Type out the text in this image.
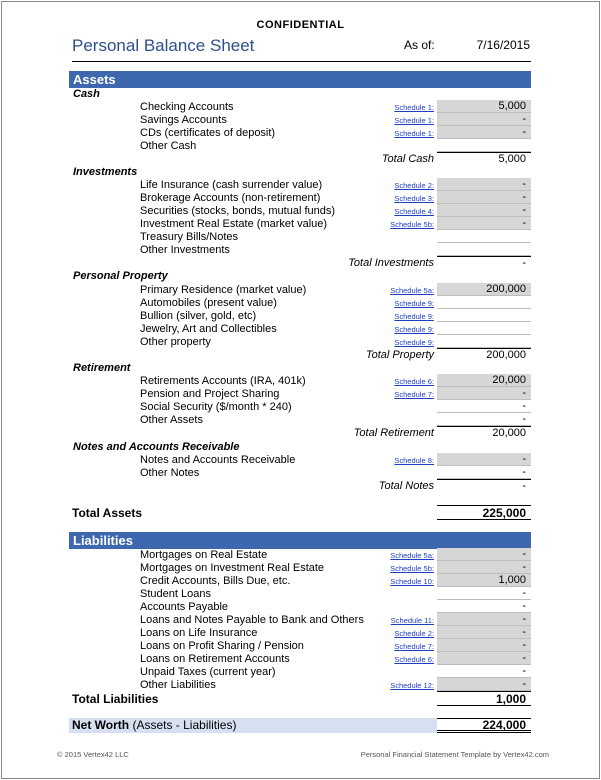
CONFIDENTIAL
Personal Balance Sheet	As of:	7/16/2015
Assets
Cash
Checking Accounts	Schedule 1:	5,000
Savings Accounts	Schedule 1:	-
CDs (certificates of deposit)	Schedule 1:	-
Other Cash
Total Cash	5,000
Investments
Life Insurance (cash surrender value)	Schedule 2:	-
Brokerage Accounts (non-retirement)	Schedule 3:	-
Securities (stocks, bonds, mutual funds)	Schedule 4:	-
Investment Real Estate (market value)	Schedule 5b:	-
Treasury Bills/Notes
Other Investments
Total Investments	-
Personal Property
Primary Residence (market value)	Schedule 5a:	200,000
Automobiles (present value)	Schedule 9:
Bullion (silver, gold, etc)	Schedule 9:
Jewelry, Art and Collectibles	Schedule 9:
Other property	Schedule 9:
Total Property	200,000
Retirement
Retirements Accounts (IRA, 401k)	Schedule 6:	20,000
Pension and Project Sharing	Schedule 7:	-
Social Security ($/month * 240)	-
Other Assets	-
Total Retirement	20,000
Notes and Accounts Receivable
Notes and Accounts Receivable	Schedule 8:	-
Other Notes	-
Total Notes	-
Total Assets	225,000
Liabilities
Mortgages on Real Estate	Schedule 5a:	-
Mortgages on Investment Real Estate	Schedule 5b:	-
Credit Accounts, Bills Due, etc.	Schedule 10:	1,000
Student Loans	-
Accounts Payable	-
Loans and Notes Payable to Bank and Others	Schedule 11:	-
Loans on Life Insurance	Schedule 2:	-
Loans on Profit Sharing / Pension	Schedule 7:	-
Loans on Retirement Accounts	Schedule 6:	-
Unpaid Taxes (current year)	-
Other Liabilities	Schedule 12:	-
Total Liabilities	1,000
Net Worth (Assets - Liabilities)	224,000
© 2015 Vertex42 LLC	Personal Financial Statement Template by Vertex42.com
